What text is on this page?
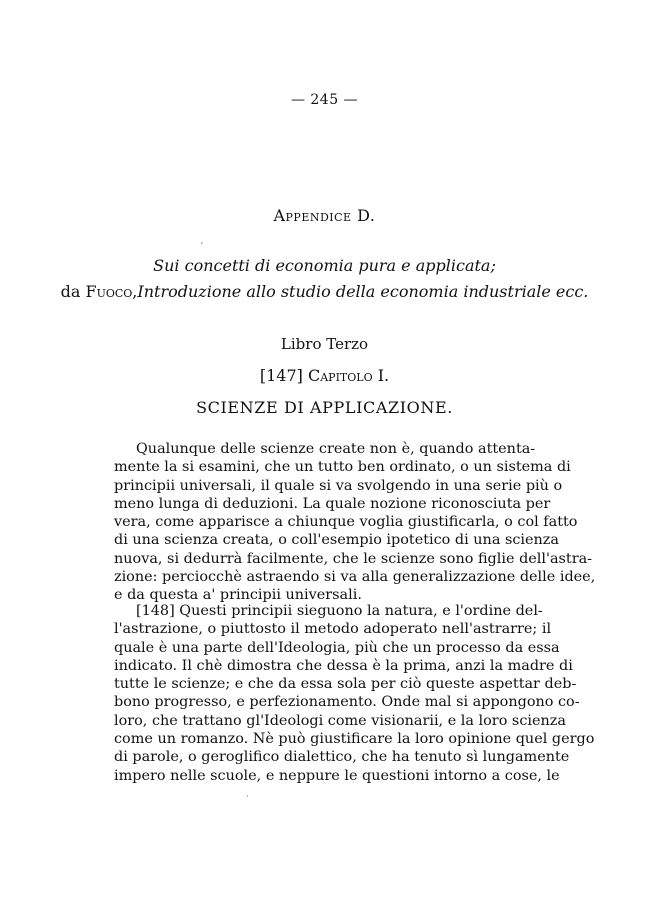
— 245 —
Appendice D.
ʼ
Sui concetti di economia pura e applicata;
da Fuoco,Introduzione allo studio della economia industriale ecc.
Libro Terzo
[147] Capitolo I.
SCIENZE DI APPLICAZIONE.
Qualunque delle scienze create non è, quando attenta-
mente la si esamini, che un tutto ben ordinato, o un sistema di
principii universali, il quale si va svolgendo in una serie più o
meno lunga di deduzioni. La quale nozione riconosciuta per
vera, come apparisce a chiunque voglia giustificarla, o col fatto
di una scienza creata, o coll'esempio ipotetico di una scienza
nuova, si dedurrà facilmente, che le scienze sono figlie dell'astra-
zione: perciocchè astraendo si va alla generalizzazione delle idee,
e da questa a' principii universali.
[148] Questi principii sieguono la natura, e l'ordine del-
l'astrazione, o piuttosto il metodo adoperato nell'astrarre; il
quale è una parte dell'Ideologia, più che un processo da essa
indicato. Il chè dimostra che dessa è la prima, anzi la madre di
tutte le scienze; e che da essa sola per ciò queste aspettar deb-
bono progresso, e perfezionamento. Onde mal si appongono co-
loro, che trattano gl'Ideologi come visionarii, e la loro scienza
come un romanzo. Nè può giustificare la loro opinione quel gergo
di parole, o geroglifico dialettico, che ha tenuto sì lungamente
impero nelle scuole, e neppure le questioni intorno a cose, le
·
